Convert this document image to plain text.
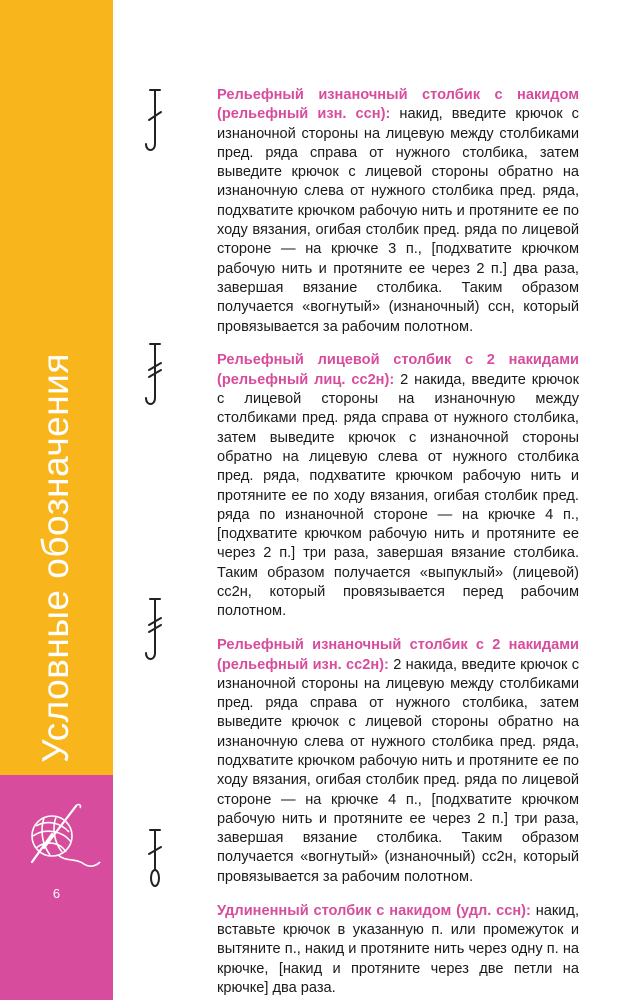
Условные обозначения
6

Рельефный изнаночный столбик с накидом (рельефный изн. ссн): накид, введите крючок с изнаночной стороны на лицевую между столбиками пред. ряда справа от нужного столбика, затем выведите крючок с лицевой стороны обратно на изнаночную слева от нужного столбика пред. ряда, подхватите крючком рабочую нить и протяните ее по ходу вязания, огибая столбик пред. ряда по лицевой стороне — на крючке 3 п., [подхватите крючком рабочую нить и протяните ее через 2 п.] два раза, завершая вязание столбика. Таким образом получается «вогнутый» (изнаночный) ссн, который провязывается за рабочим полотном.

Рельефный лицевой столбик с 2 накидами (рельефный лиц. сс2н): 2 накида, введите крючок с лицевой стороны на изнаночную между столбиками пред. ряда справа от нужного столбика, затем выведите крючок с изнаночной стороны обратно на лицевую слева от нужного столбика пред. ряда, подхватите крючком рабочую нить и протяните ее по ходу вязания, огибая столбик пред. ряда по изнаночной стороне — на крючке 4 п., [подхватите крючком рабочую нить и протяните ее через 2 п.] три раза, завершая вязание столбика. Таким образом получается «выпуклый» (лицевой) сс2н, который провязывается перед рабочим полотном.

Рельефный изнаночный столбик с 2 накидами (рельефный изн. сс2н): 2 накида, введите крючок с изнаночной стороны на лицевую между столбиками пред. ряда справа от нужного столбика, затем выведите крючок с лицевой стороны обратно на изнаночную слева от нужного столбика пред. ряда, подхватите крючком рабочую нить и протяните ее по ходу вязания, огибая столбик пред. ряда по лицевой стороне — на крючке 4 п., [подхватите крючком рабочую нить и протяните ее через 2 п.] три раза, завершая вязание столбика. Таким образом получается «вогнутый» (изнаночный) сс2н, который провязывается за рабочим полотном.

Удлиненный столбик с накидом (удл. ссн): накид, вставьте крючок в указанную п. или промежуток и вытяните п., накид и протяните нить через одну п. на крючке, [накид и протяните через две петли на крючке] два раза.
